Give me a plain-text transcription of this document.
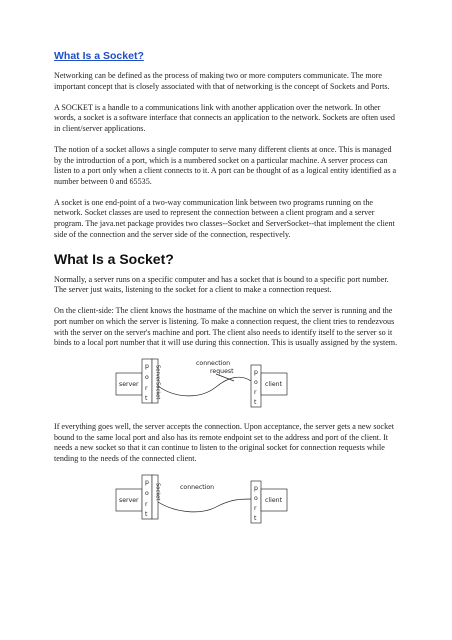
What Is a Socket?

Networking can be defined as the process of making two or more computers communicate. The more important concept that is closely associated with that of networking is the concept of Sockets and Ports.

A SOCKET is a handle to a communications link with another application over the network. In other words, a socket is a software interface that connects an application to the network. Sockets are often used in client/server applications.

The notion of a socket allows a single computer to serve many different clients at once. This is managed by the introduction of a port, which is a numbered socket on a particular machine. A server process can listen to a port only when a client connects to it. A port can be thought of as a logical entity identified as a number between 0 and 65535.

A socket is one end-point of a two-way communication link between two programs running on the network. Socket classes are used to represent the connection between a client program and a server program. The java.net package provides two classes--Socket and ServerSocket--that implement the client side of the connection and the server side of the connection, respectively.

What Is a Socket?

Normally, a server runs on a specific computer and has a socket that is bound to a specific port number. The server just waits, listening to the socket for a client to make a connection request.

On the client-side: The client knows the hostname of the machine on which the server is running and the port number on which the server is listening. To make a connection request, the client tries to rendezvous with the server on the server's machine and port. The client also needs to identify itself to the server so it binds to a local port number that it will use during this connection. This is usually assigned by the system.

server
p
o
r
t ServerSocket
connection
request	p
o
r
t
client

If everything goes well, the server accepts the connection. Upon acceptance, the server gets a new socket bound to the same local port and also has its remote endpoint set to the address and port of the client. It needs a new socket so that it can continue to listen to the original socket for connection requests while tending to the needs of the connected client.

server
p
o
r
t
Socket	connection	p
o
r
t
client
